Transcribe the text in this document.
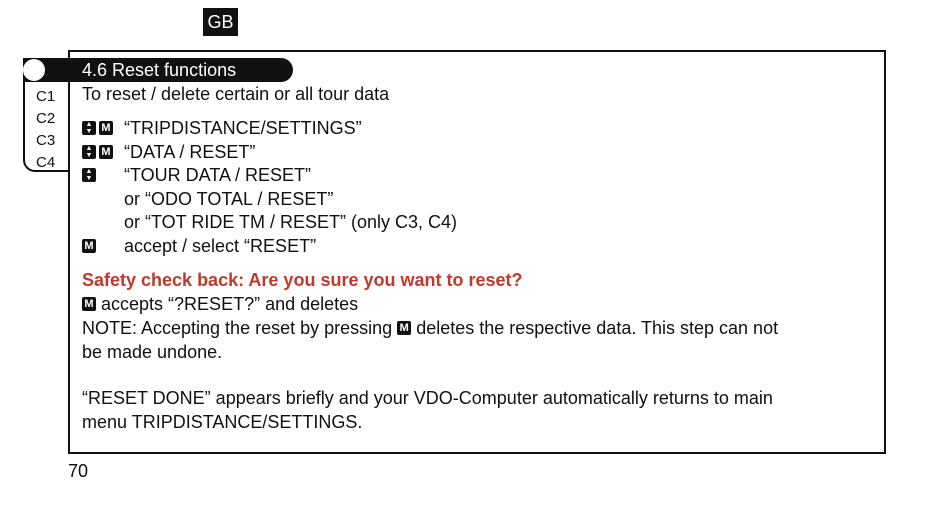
GB
C1
C2
C3
C4
4.6 Reset functions
To reset / delete certain or all tour data
▲
▼ M “TRIPDISTANCE/SETTINGS”
▲
▼ M “DATA / RESET”
▲
▼ “TOUR DATA / RESET”
or “ODO TOTAL / RESET”
or “TOT RIDE TM / RESET” (only C3, C4)
M	accept / select “RESET”
Safety check back: Are you sure you want to reset?
M accepts “?RESET?” and deletes
NOTE: Accepting the reset by pressing M deletes the respective data. This step can not
be made undone.
“RESET DONE” appears briefly and your VDO-Computer automatically returns to main
menu TRIPDISTANCE/SETTINGS.
70
